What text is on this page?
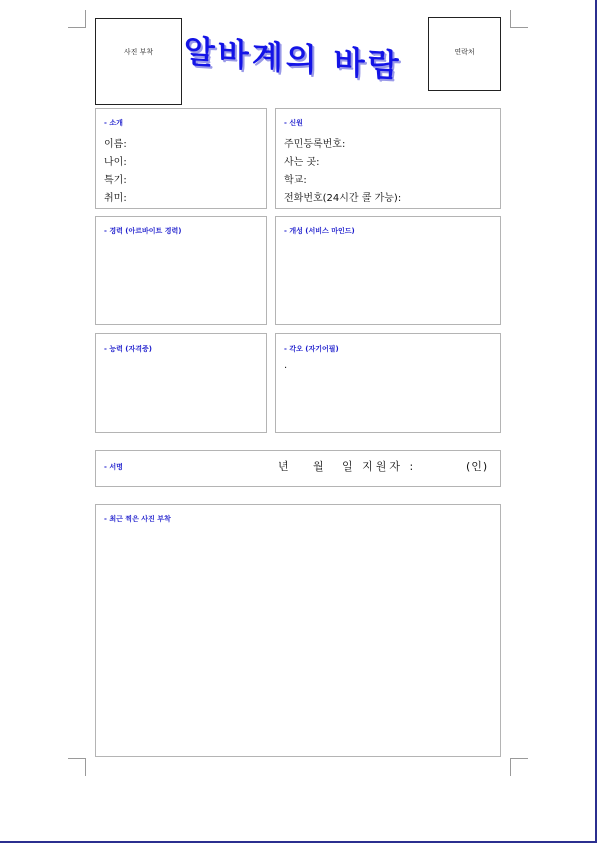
사진 부착 알바계의 바람	연락처
- 소개
이름:
나이:
특기:
취미:
- 신원
주민등록번호:
사는 곳:
학교:
전화번호(24시간 콜 가능):
- 경력 (아르바이트 경력)	- 개성 (서비스 마인드)
- 능력 (자격증)	- 각오 (자기어필)
.
- 서명	년 월 일 지원자 :	(인)
- 최근 찍은 사진 부착
